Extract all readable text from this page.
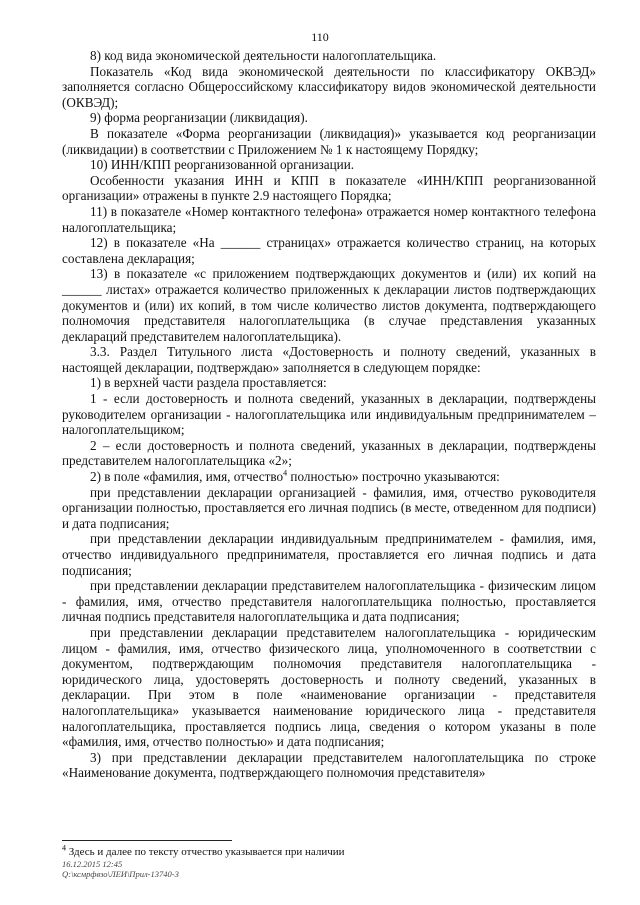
110

8) код вида экономической деятельности налогоплательщика.

Показатель «Код вида экономической деятельности по классификатору ОКВЭД» заполняется согласно Общероссийскому классификатору видов экономической деятельности (ОКВЭД);

9) форма реорганизации (ликвидация).

В показателе «Форма реорганизации (ликвидация)» указывается код реорганизации (ликвидации) в соответствии с Приложением № 1 к настоящему Порядку;

10) ИНН/КПП реорганизованной организации.

Особенности указания ИНН и КПП в показателе «ИНН/КПП реорганизованной организации» отражены в пункте 2.9 настоящего Порядка;

11) в показателе «Номер контактного телефона» отражается номер контактного телефона налогоплательщика;

12) в показателе «На ______ страницах» отражается количество страниц, на которых составлена декларация;

13) в показателе «с приложением подтверждающих документов и (или) их копий на ______ листах» отражается количество приложенных к декларации листов подтверждающих документов и (или) их копий, в том числе количество листов документа, подтверждающего полномочия представителя налогоплательщика (в случае представления указанных деклараций представителем налогоплательщика).

3.3. Раздел Титульного листа «Достоверность и полноту сведений, указанных в настоящей декларации, подтверждаю» заполняется в следующем порядке:

1) в верхней части раздела проставляется:

1 - если достоверность и полнота сведений, указанных в декларации, подтверждены руководителем организации - налогоплательщика или индивидуальным предпринимателем – налогоплательщиком;

2 – если достоверность и полнота сведений, указанных в декларации, подтверждены представителем налогоплательщика «2»;

2) в поле «фамилия, имя, отчество$^4$ полностью» построчно указываются:

при представлении декларации организацией - фамилия, имя, отчество руководителя организации полностью, проставляется его личная подпись (в месте, отведенном для подписи) и дата подписания;

при представлении декларации индивидуальным предпринимателем - фамилия, имя, отчество индивидуального предпринимателя, проставляется его личная подпись и дата подписания;

при представлении декларации представителем налогоплательщика - физическим лицом - фамилия, имя, отчество представителя налогоплательщика полностью, проставляется личная подпись представителя налогоплательщика и дата подписания;

при представлении декларации представителем налогоплательщика - юридическим лицом - фамилия, имя, отчество физического лица, уполномоченного в соответствии с документом, подтверждающим полномочия представителя налогоплательщика - юридического лица, удостоверять достоверность и полноту сведений, указанных в декларации. При этом в поле «наименование организации - представителя налогоплательщика» указывается наименование юридического лица - представителя налогоплательщика, проставляется подпись лица, сведения о котором указаны в поле «фамилия, имя, отчество полностью» и дата подписания;

3) при представлении декларации представителем налогоплательщика по строке «Наименование документа, подтверждающего полномочия представителя»

$^4$ Здесь и далее по тексту отчество указывается при наличии
16.12.2015 12:45
Q:\ксмрфвзо\ЛЕИ\Прил-13740-3
